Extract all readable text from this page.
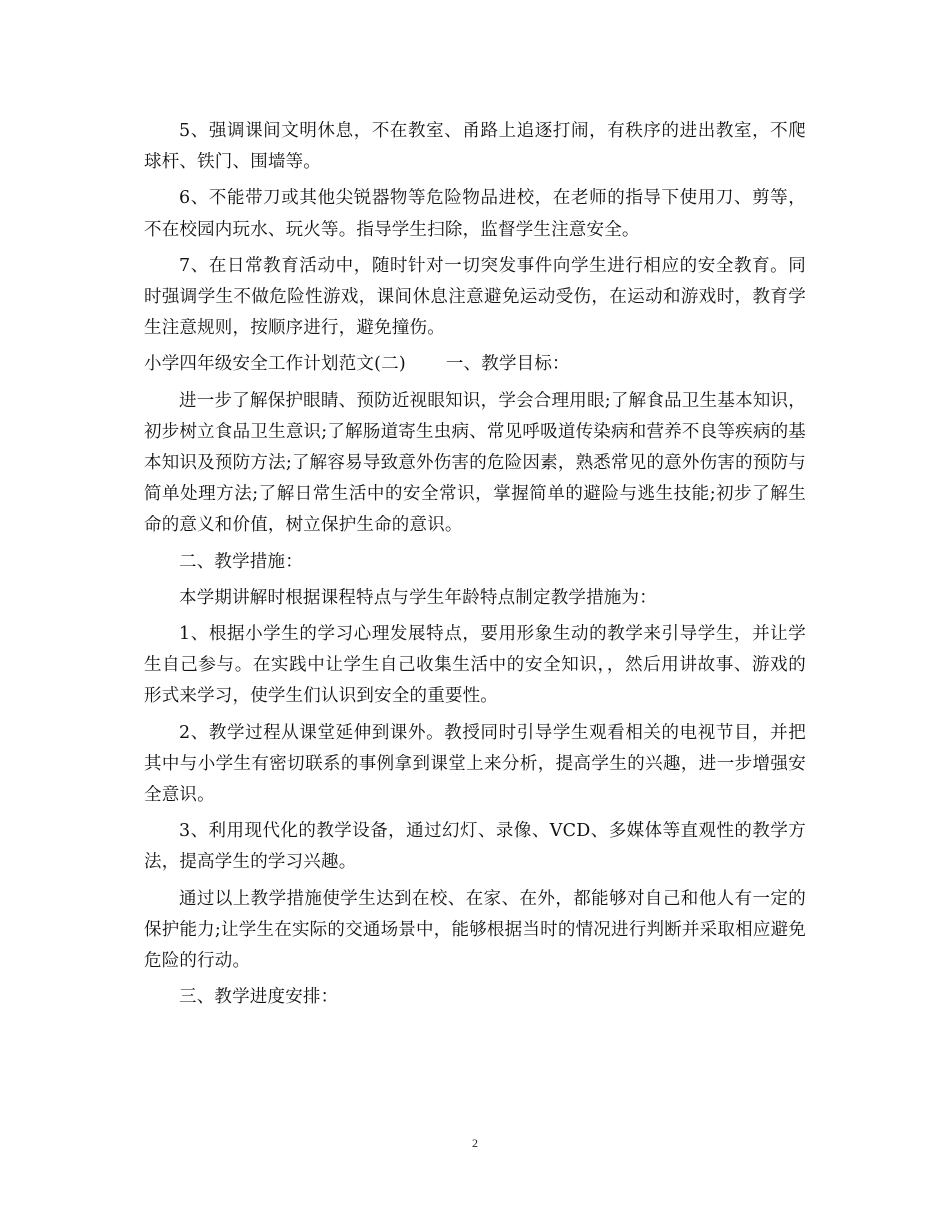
5、强调课间文明休息，不在教室、甬路上追逐打闹，有秩序的进出教室，不爬球杆、铁门、围墙等。

6、不能带刀或其他尖锐器物等危险物品进校，在老师的指导下使用刀、剪等，不在校园内玩水、玩火等。指导学生扫除，监督学生注意安全。

7、在日常教育活动中，随时针对一切突发事件向学生进行相应的安全教育。同时强调学生不做危险性游戏，课间休息注意避免运动受伤，在运动和游戏时，教育学生注意规则，按顺序进行，避免撞伤。

小学四年级安全工作计划范文(二) 一、教学目标：

进一步了解保护眼睛、预防近视眼知识，学会合理用眼;了解食品卫生基本知识，初步树立食品卫生意识;了解肠道寄生虫病、常见呼吸道传染病和营养不良等疾病的基本知识及预防方法;了解容易导致意外伤害的危险因素，熟悉常见的意外伤害的预防与简单处理方法;了解日常生活中的安全常识，掌握简单的避险与逃生技能;初步了解生命的意义和价值，树立保护生命的意识。

二、教学措施：

本学期讲解时根据课程特点与学生年龄特点制定教学措施为：

1、根据小学生的学习心理发展特点，要用形象生动的教学来引导学生，并让学生自己参与。在实践中让学生自己收集生活中的安全知识，，然后用讲故事、游戏的形式来学习，使学生们认识到安全的重要性。

2、教学过程从课堂延伸到课外。教授同时引导学生观看相关的电视节目，并把其中与小学生有密切联系的事例拿到课堂上来分析，提高学生的兴趣，进一步增强安全意识。

3、利用现代化的教学设备，通过幻灯、录像、VCD、多媒体等直观性的教学方法，提高学生的学习兴趣。

通过以上教学措施使学生达到在校、在家、在外，都能够对自己和他人有一定的保护能力;让学生在实际的交通场景中，能够根据当时的情况进行判断并采取相应避免危险的行动。

三、教学进度安排：

2
